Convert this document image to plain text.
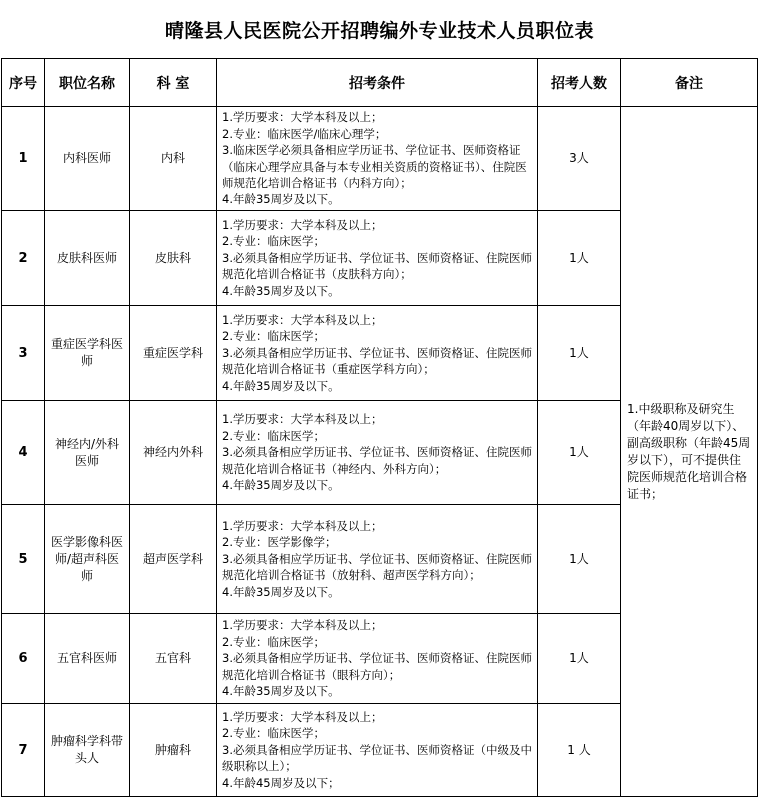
晴隆县人民医院公开招聘编外专业技术人员职位表
序号	职位名称	科 室	招考条件	招考人数	备注
1	内科医师	内科	1.学历要求：大学本科及以上；
2.专业：临床医学/临床心理学；
3.临床医学必须具备相应学历证书、学位证书、医师资格证（临床心理学应具备与本专业相关资质的资格证书）、住院医师规范化培训合格证书（内科方向）；
4.年龄35周岁及以下。	3人	1.中级职称及研究生（年龄40周岁以下）、副高级职称（年龄45周岁以下），可不提供住院医师规范化培训合格证书；
2	皮肤科医师	皮肤科	1.学历要求：大学本科及以上；
2.专业：临床医学；
3.必须具备相应学历证书、学位证书、医师资格证、住院医师规范化培训合格证书（皮肤科方向）；
4.年龄35周岁及以下。	1人	
3	重症医学科医师	重症医学科	1.学历要求：大学本科及以上；
2.专业：临床医学；
3.必须具备相应学历证书、学位证书、医师资格证、住院医师规范化培训合格证书（重症医学科方向）；
4.年龄35周岁及以下。	1人	
4	神经内/外科医师	神经内外科	1.学历要求：大学本科及以上；
2.专业：临床医学；
3.必须具备相应学历证书、学位证书、医师资格证、住院医师规范化培训合格证书（神经内、外科方向）；
4.年龄35周岁及以下。	1人	
5	医学影像科医师/超声科医师	超声医学科	1.学历要求：大学本科及以上；
2.专业：医学影像学；
3.必须具备相应学历证书、学位证书、医师资格证、住院医师规范化培训合格证书（放射科、超声医学科方向）；
4.年龄35周岁及以下。	1人	
6	五官科医师	五官科	1.学历要求：大学本科及以上；
2.专业：临床医学；
3.必须具备相应学历证书、学位证书、医师资格证、住院医师规范化培训合格证书（眼科方向）；
4.年龄35周岁及以下。	1人	
7	肿瘤科学科带头人	肿瘤科	1.学历要求：大学本科及以上；
2.专业：临床医学；
3.必须具备相应学历证书、学位证书、医师资格证（中级及中级职称以上）；
4.年龄45周岁及以下；	1 人	
